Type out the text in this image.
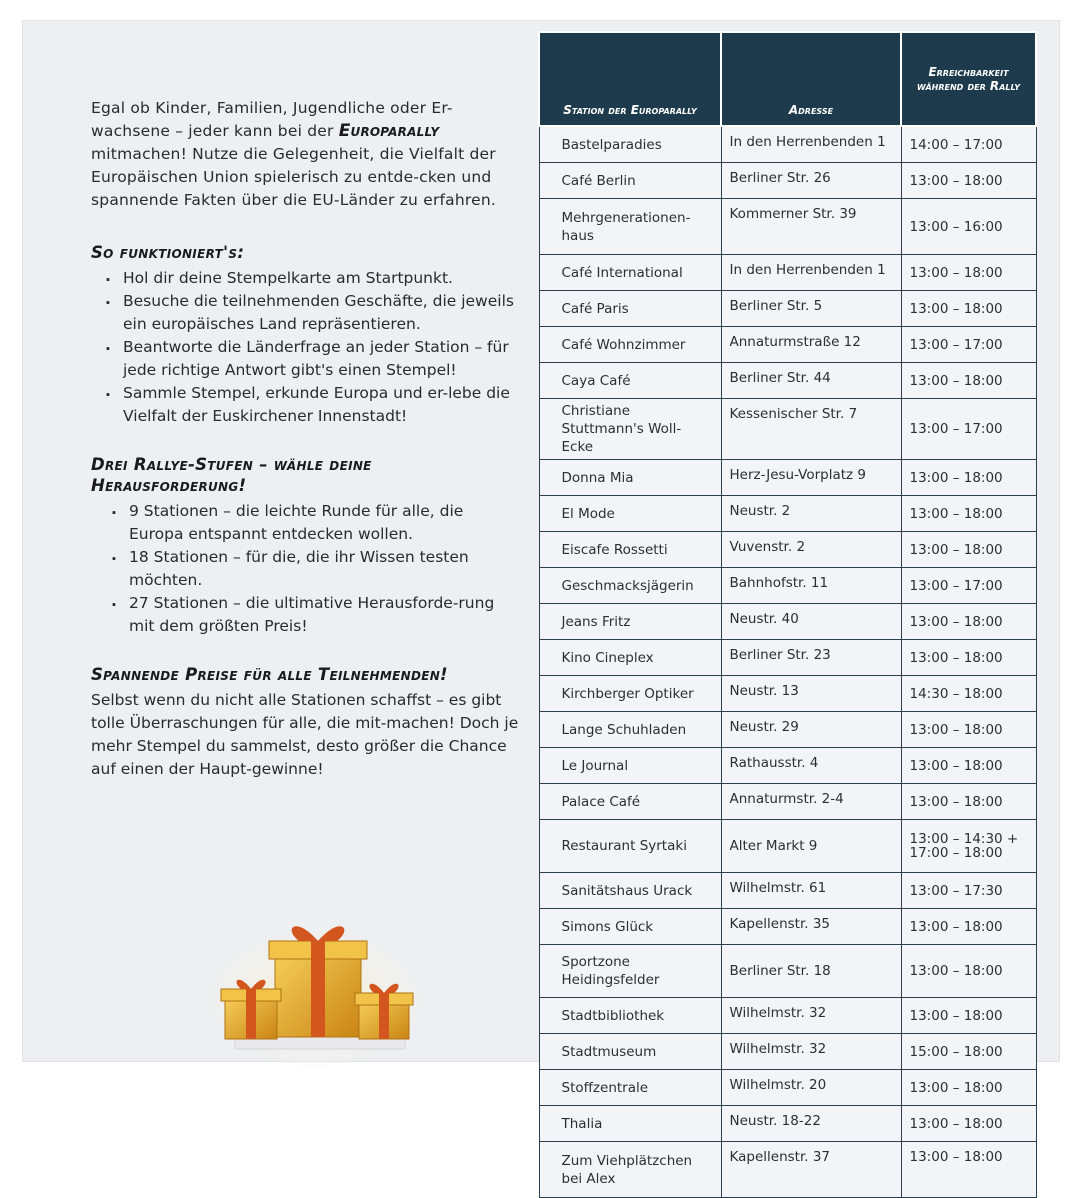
Egal ob Kinder, Familien, Jugendliche oder Er-wachsene – jeder kann bei der Europarally mitmachen! Nutze die Gelegenheit, die Vielfalt der Europäischen Union spielerisch zu entde-cken und spannende Fakten über die EU-Länder zu erfahren.

So funktioniert's:
. Hol dir deine Stempelkarte am Startpunkt.
. Besuche die teilnehmenden Geschäfte, die jeweils ein europäisches Land repräsentieren.
. Beantworte die Länderfrage an jeder Station – für jede richtige Antwort gibt's einen Stempel!
. Sammle Stempel, erkunde Europa und er-lebe die Vielfalt der Euskirchener Innenstadt!
Drei Rallye-Stufen – wähle deine Herausforderung!
. 9 Stationen – die leichte Runde für alle, die Europa entspannt entdecken wollen.
. 18 Stationen – für die, die ihr Wissen testen möchten.
. 27 Stationen – die ultimative Herausforde-rung mit dem größten Preis!
Spannende Preise für alle Teilnehmenden!

Selbst wenn du nicht alle Stationen schaffst – es gibt tolle Überraschungen für alle, die mit-machen! Doch je mehr Stempel du sammelst, desto größer die Chance auf einen der Haupt-gewinne!

Station der Europarally	Adresse	Erreichbarkeit während der Rally
Bastelparadies	In den Herrenbenden 1	14:00 – 17:00
Café Berlin	Berliner Str. 26	13:00 – 18:00
Mehrgenerationen-haus	Kommerner Str. 39	13:00 – 16:00
Café International	In den Herrenbenden 1	13:00 – 18:00
Café Paris	Berliner Str. 5	13:00 – 18:00
Café Wohnzimmer	Annaturmstraße 12	13:00 – 17:00
Caya Café	Berliner Str. 44	13:00 – 18:00
Christiane Stuttmann's Woll-Ecke	Kessenischer Str. 7	13:00 – 17:00
Donna Mia	Herz-Jesu-Vorplatz 9	13:00 – 18:00
El Mode	Neustr. 2	13:00 – 18:00
Eiscafe Rossetti	Vuvenstr. 2	13:00 – 18:00
Geschmacksjägerin	Bahnhofstr. 11	13:00 – 17:00
Jeans Fritz	Neustr. 40	13:00 – 18:00
Kino Cineplex	Berliner Str. 23	13:00 – 18:00
Kirchberger Optiker	Neustr. 13	14:30 – 18:00
Lange Schuhladen	Neustr. 29	13:00 – 18:00
Le Journal	Rathausstr. 4	13:00 – 18:00
Palace Café	Annaturmstr. 2-4	13:00 – 18:00
Restaurant Syrtaki	Alter Markt 9	13:00 – 14:30 +
17:00 – 18:00

Sanitätshaus Urack	Wilhelmstr. 61	13:00 – 17:30
Simons Glück	Kapellenstr. 35	13:00 – 18:00
Sportzone Heidingsfelder	Berliner Str. 18	13:00 – 18:00
Stadtbibliothek	Wilhelmstr. 32	13:00 – 18:00
Stadtmuseum	Wilhelmstr. 32	15:00 – 18:00
Stoffzentrale	Wilhelmstr. 20	13:00 – 18:00
Thalia	Neustr. 18-22	13:00 – 18:00
Zum Viehplätzchen bei Alex	Kapellenstr. 37	13:00 – 18:00
